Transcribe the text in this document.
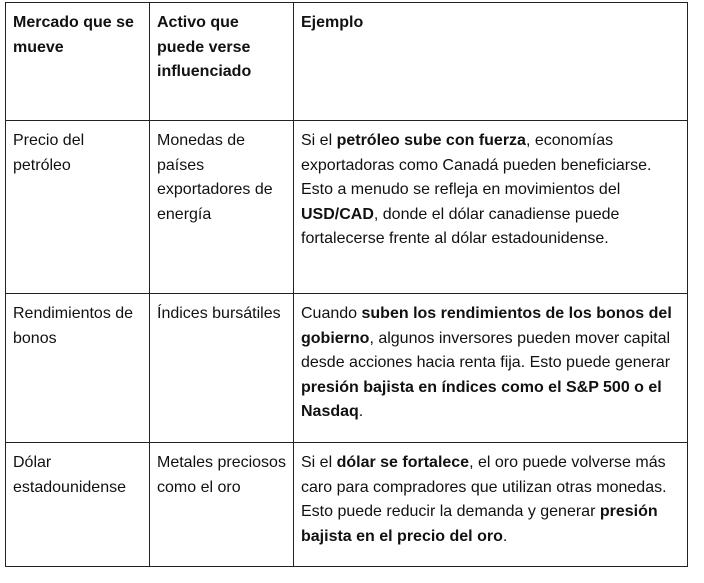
Mercado que se mueve	Activo que puede verse influenciado	Ejemplo
Precio del petróleo	Monedas de países exportadores de energía	Si el petróleo sube con fuerza, economías exportadoras como Canadá pueden beneficiarse. Esto a menudo se refleja en movimientos del USD/CAD, donde el dólar canadiense puede fortalecerse frente al dólar estadounidense.
Rendimientos de bonos	Índices bursátiles	Cuando suben los rendimientos de los bonos del gobierno, algunos inversores pueden mover capital desde acciones hacia renta fija. Esto puede generar presión bajista en índices como el S&P 500 o el Nasdaq.
Dólar estadounidense	Metales preciosos como el oro	Si el dólar se fortalece, el oro puede volverse más caro para compradores que utilizan otras monedas. Esto puede reducir la demanda y generar presión bajista en el precio del oro.
